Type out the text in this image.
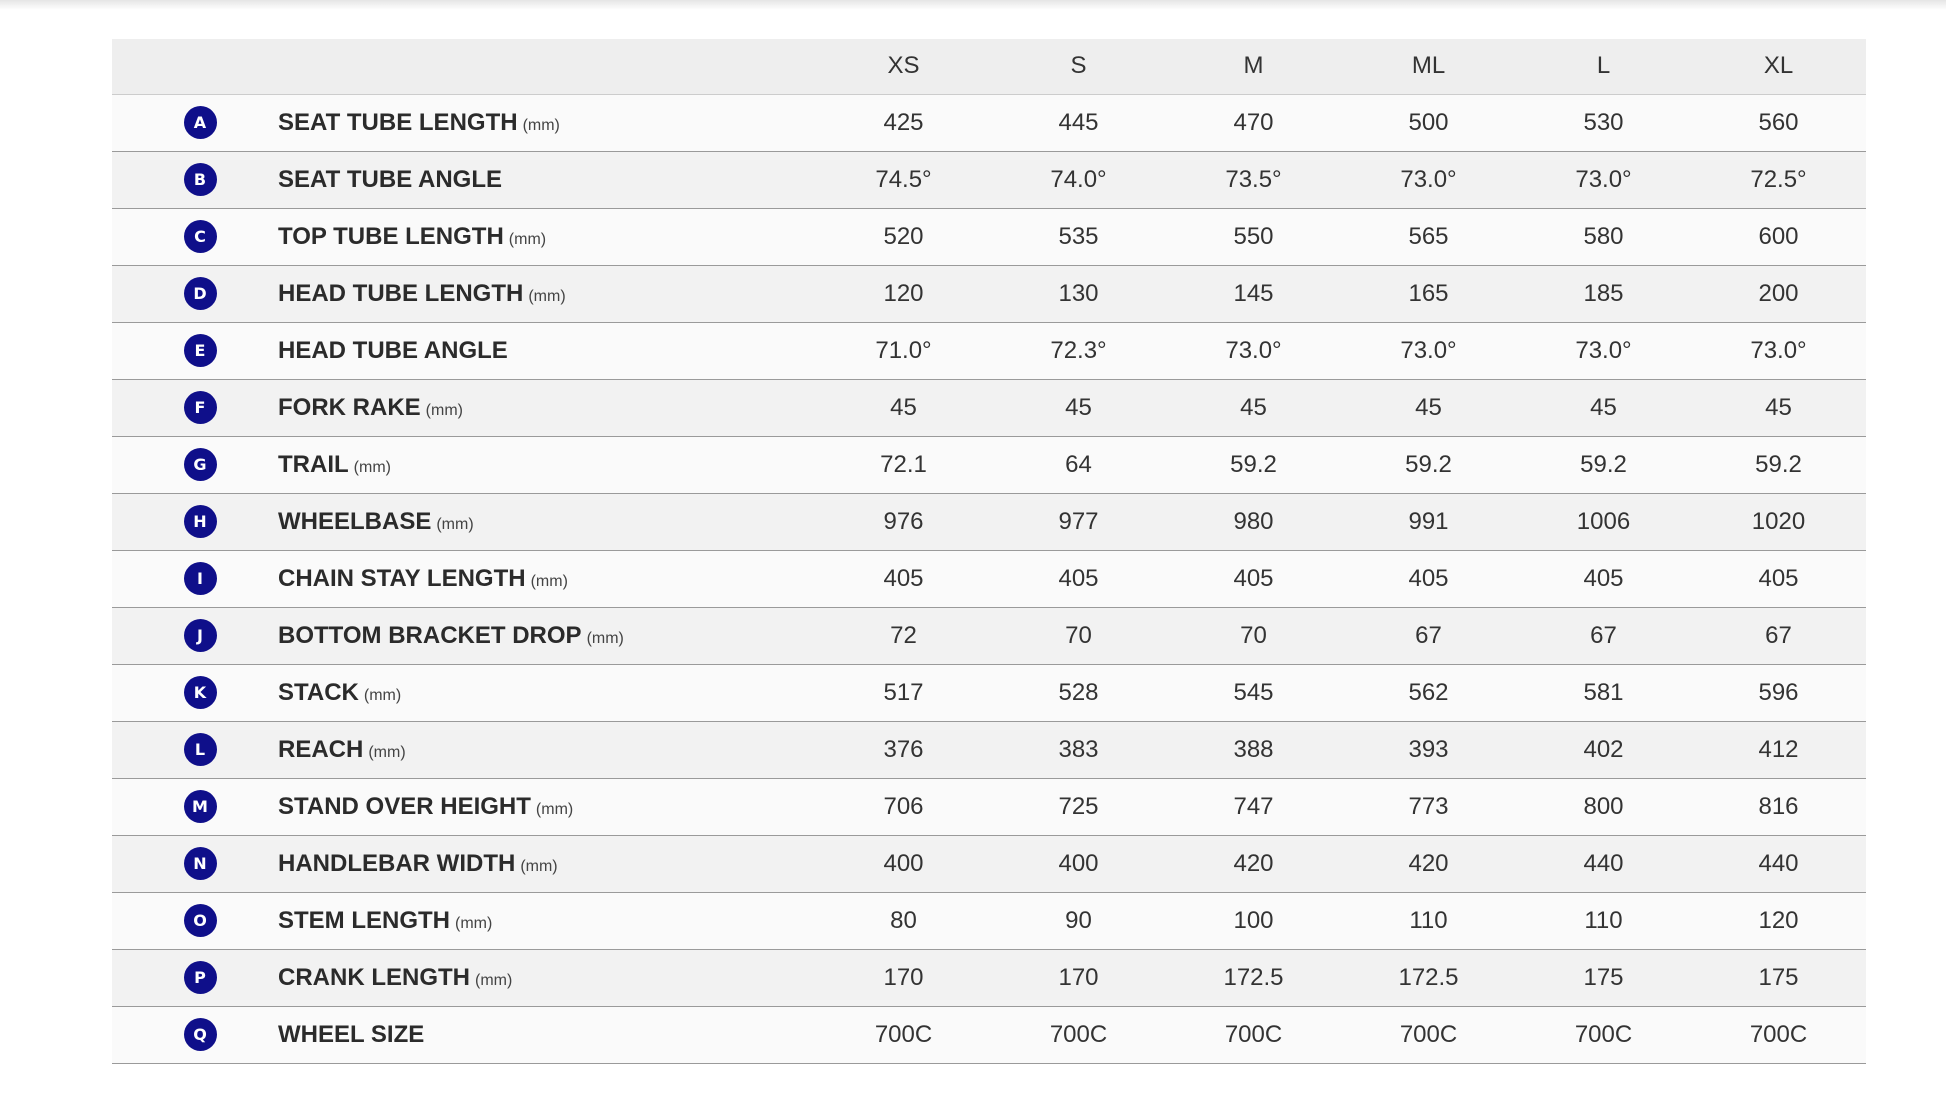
		XS	S	M	ML	L	XL
A	SEAT TUBE LENGTH (mm)	425	445	470	500	530	560
B	SEAT TUBE ANGLE	74.5°	74.0°	73.5°	73.0°	73.0°	72.5°
C	TOP TUBE LENGTH (mm)	520	535	550	565	580	600
D	HEAD TUBE LENGTH (mm)	120	130	145	165	185	200
E	HEAD TUBE ANGLE	71.0°	72.3°	73.0°	73.0°	73.0°	73.0°
F	FORK RAKE (mm)	45	45	45	45	45	45
G	TRAIL (mm)	72.1	64	59.2	59.2	59.2	59.2
H	WHEELBASE (mm)	976	977	980	991	1006	1020
I	CHAIN STAY LENGTH (mm)	405	405	405	405	405	405
J	BOTTOM BRACKET DROP (mm)	72	70	70	67	67	67
K	STACK (mm)	517	528	545	562	581	596
L	REACH (mm)	376	383	388	393	402	412
M	STAND OVER HEIGHT (mm)	706	725	747	773	800	816
N	HANDLEBAR WIDTH (mm)	400	400	420	420	440	440
O	STEM LENGTH (mm)	80	90	100	110	110	120
P	CRANK LENGTH (mm)	170	170	172.5	172.5	175	175
Q	WHEEL SIZE	700C	700C	700C	700C	700C	700C
